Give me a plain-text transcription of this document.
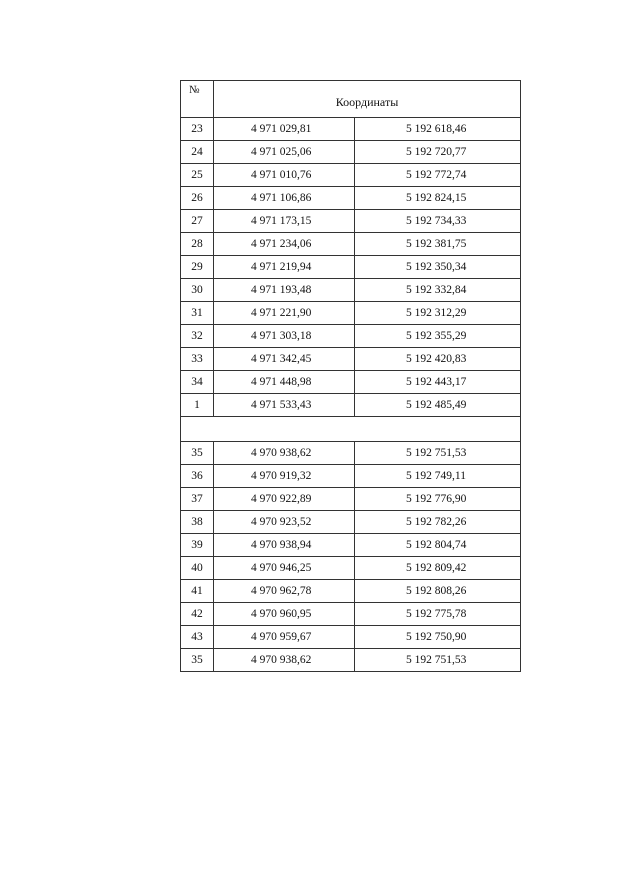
№	Координаты	
23	4 971 029,81	5 192 618,46
24	4 971 025,06	5 192 720,77
25	4 971 010,76	5 192 772,74
26	4 971 106,86	5 192 824,15
27	4 971 173,15	5 192 734,33
28	4 971 234,06	5 192 381,75
29	4 971 219,94	5 192 350,34
30	4 971 193,48	5 192 332,84
31	4 971 221,90	5 192 312,29
32	4 971 303,18	5 192 355,29
33	4 971 342,45	5 192 420,83
34	4 971 448,98	5 192 443,17
1	4 971 533,43	5 192 485,49

35	4 970 938,62	5 192 751,53
36	4 970 919,32	5 192 749,11
37	4 970 922,89	5 192 776,90
38	4 970 923,52	5 192 782,26
39	4 970 938,94	5 192 804,74
40	4 970 946,25	5 192 809,42
41	4 970 962,78	5 192 808,26
42	4 970 960,95	5 192 775,78
43	4 970 959,67	5 192 750,90
35	4 970 938,62	5 192 751,53
